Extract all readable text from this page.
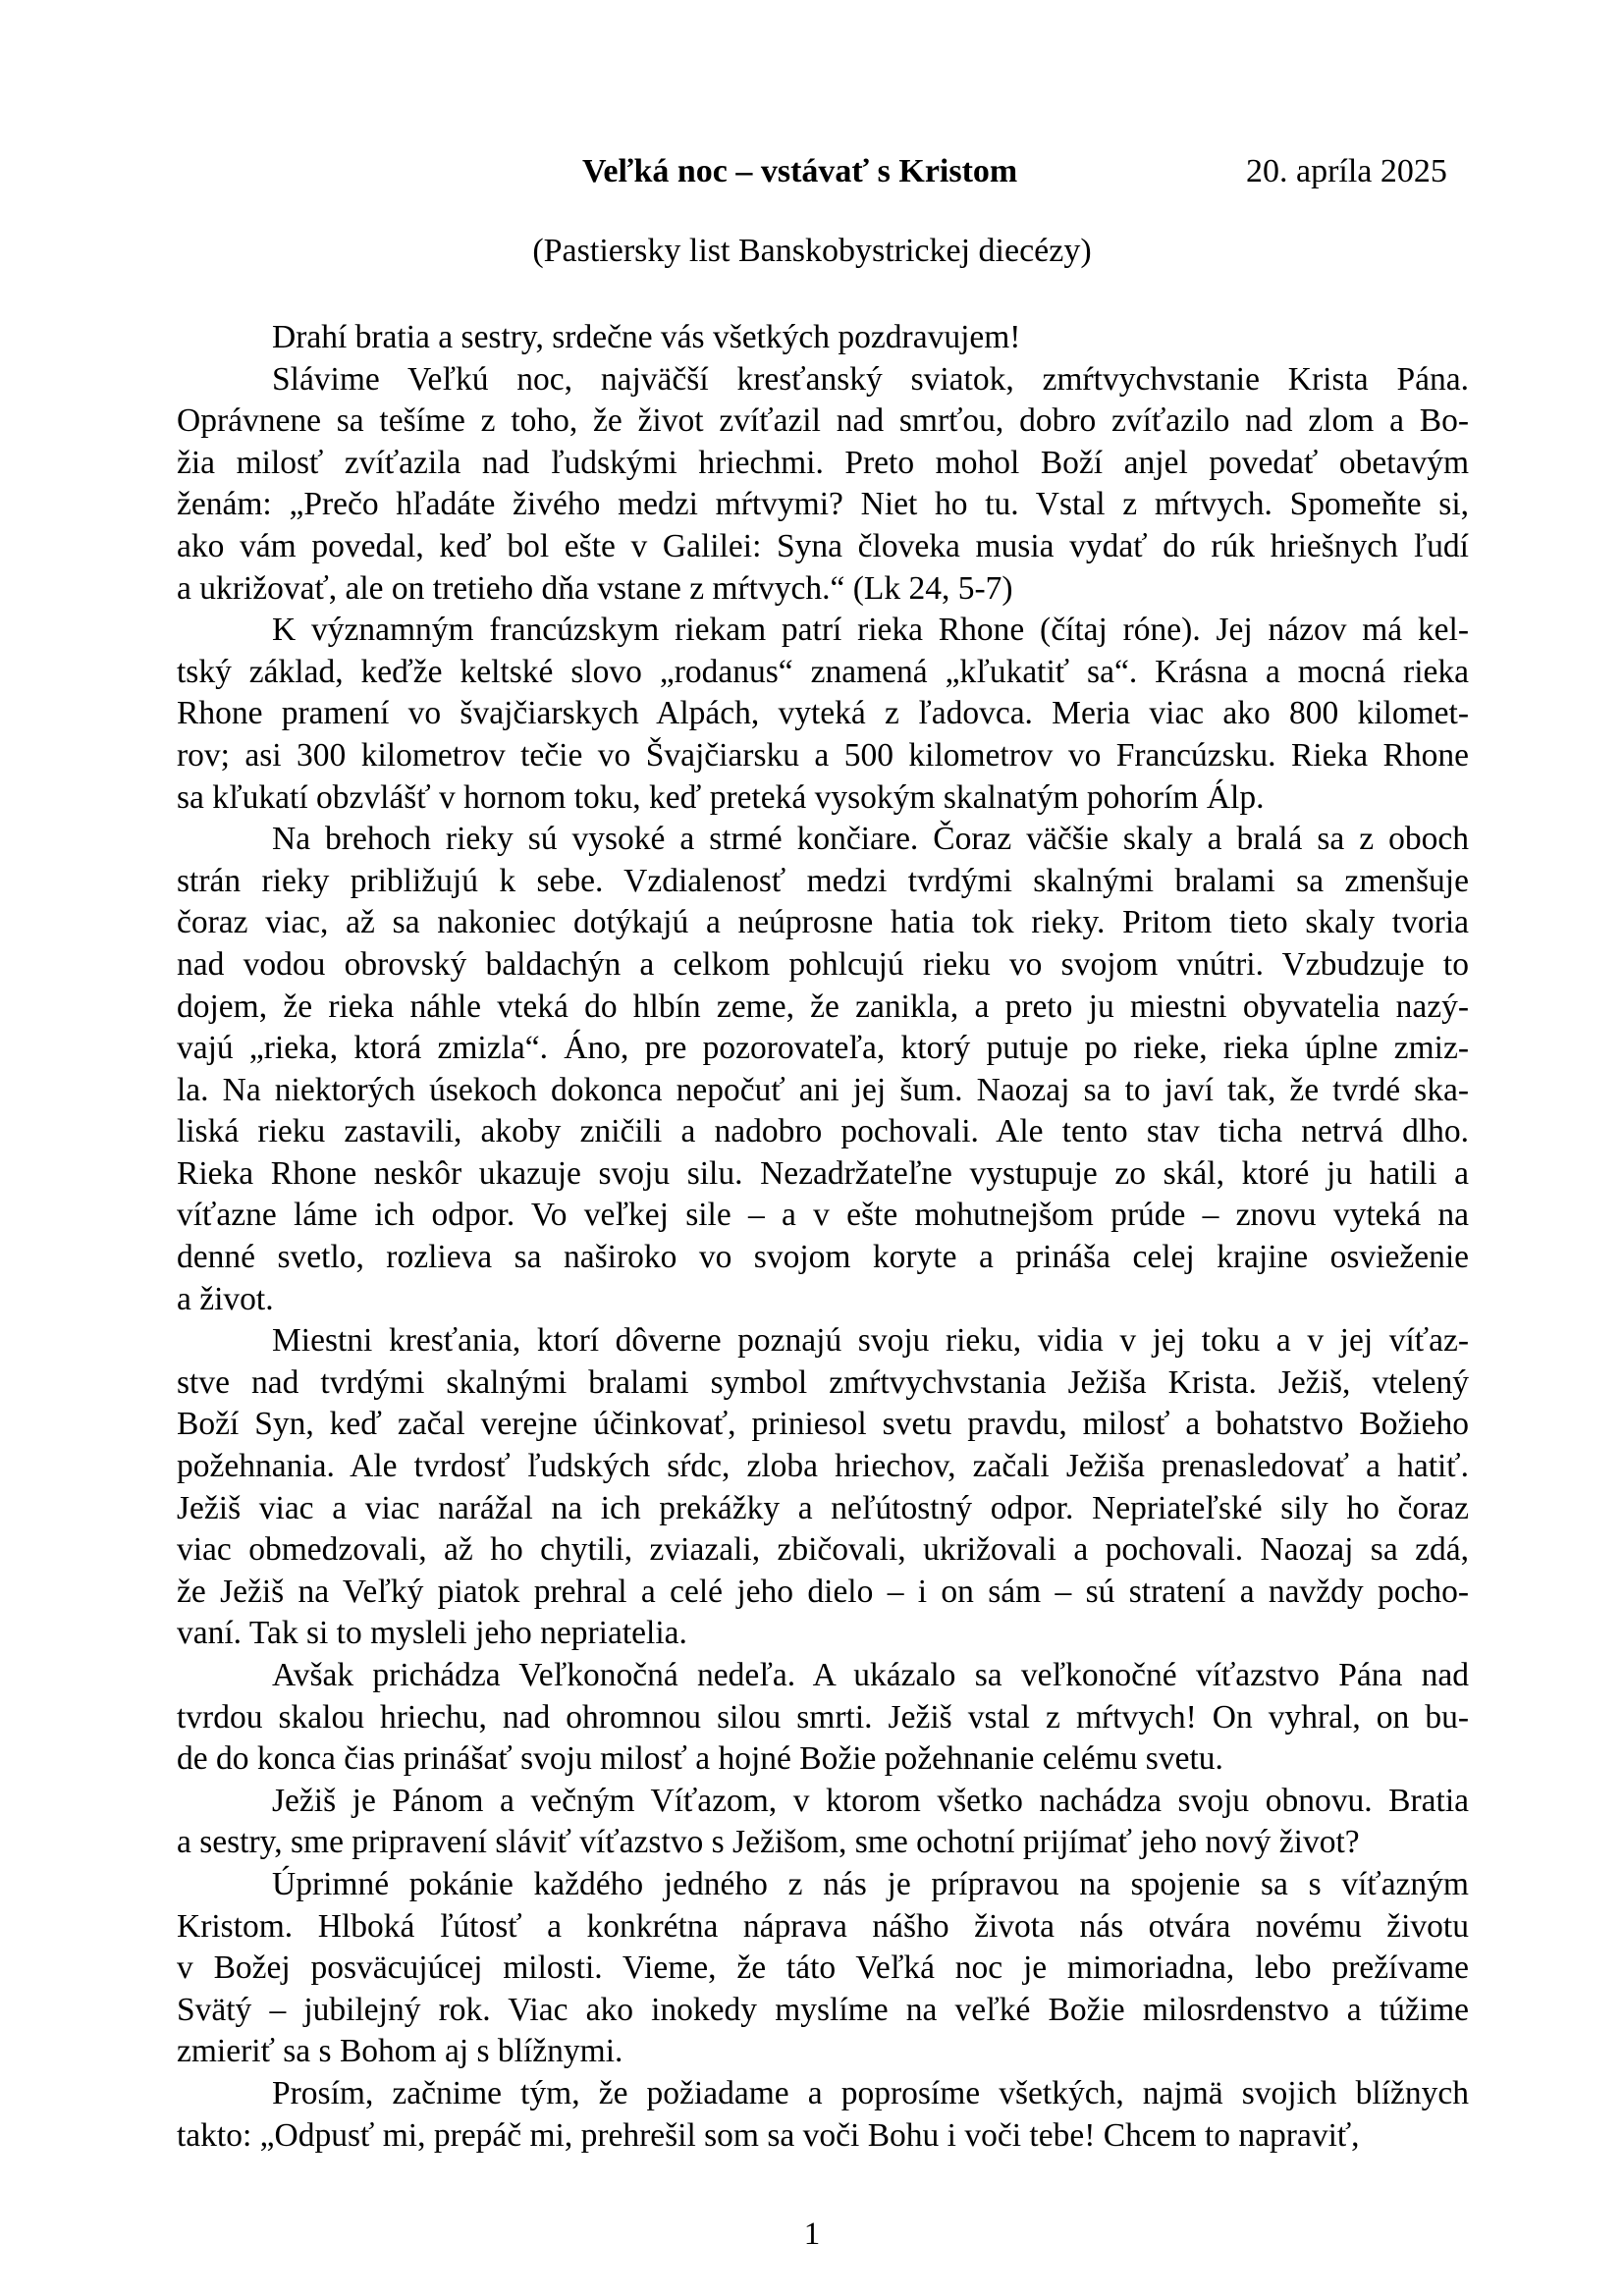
Veľká noc – vstávať s Kristom	20. apríla 2025
(Pastiersky list Banskobystrickej diecézy)
Drahí bratia a sestry, srdečne vás všetkých pozdravujem!
Slávime Veľkú noc, najväčší kresťanský sviatok, zmŕtvychvstanie Krista Pána.
Oprávnene sa tešíme z toho, že život zvíťazil nad smrťou, dobro zvíťazilo nad zlom a Bo-
žia milosť zvíťazila nad ľudskými hriechmi. Preto mohol Boží anjel povedať obetavým
ženám: „Prečo hľadáte živého medzi mŕtvymi? Niet ho tu. Vstal z mŕtvych. Spomeňte si,
ako vám povedal, keď bol ešte v Galilei: Syna človeka musia vydať do rúk hriešnych ľudí
a ukrižovať, ale on tretieho dňa vstane z mŕtvych.“ (Lk 24, 5-7)
K významným francúzskym riekam patrí rieka Rhone (čítaj róne). Jej názov má kel-
tský základ, keďže keltské slovo „rodanus“ znamená „kľukatiť sa“. Krásna a mocná rieka
Rhone pramení vo švajčiarskych Alpách, vyteká z ľadovca. Meria viac ako 800 kilomet-
rov; asi 300 kilometrov tečie vo Švajčiarsku a 500 kilometrov vo Francúzsku. Rieka Rhone
sa kľukatí obzvlášť v hornom toku, keď preteká vysokým skalnatým pohorím Álp.
Na brehoch rieky sú vysoké a strmé končiare. Čoraz väčšie skaly a bralá sa z oboch
strán rieky približujú k sebe. Vzdialenosť medzi tvrdými skalnými bralami sa zmenšuje
čoraz viac, až sa nakoniec dotýkajú a neúprosne hatia tok rieky. Pritom tieto skaly tvoria
nad vodou obrovský baldachýn a celkom pohlcujú rieku vo svojom vnútri. Vzbudzuje to
dojem, že rieka náhle vteká do hlbín zeme, že zanikla, a preto ju miestni obyvatelia nazý-
vajú „rieka, ktorá zmizla“. Áno, pre pozorovateľa, ktorý putuje po rieke, rieka úplne zmiz-
la. Na niektorých úsekoch dokonca nepočuť ani jej šum. Naozaj sa to javí tak, že tvrdé ska-
liská rieku zastavili, akoby zničili a nadobro pochovali. Ale tento stav ticha netrvá dlho.
Rieka Rhone neskôr ukazuje svoju silu. Nezadržateľne vystupuje zo skál, ktoré ju hatili a
víťazne láme ich odpor. Vo veľkej sile – a v ešte mohutnejšom prúde – znovu vyteká na
denné svetlo, rozlieva sa naširoko vo svojom koryte a prináša celej krajine osvieženie
a život.
Miestni kresťania, ktorí dôverne poznajú svoju rieku, vidia v jej toku a v jej víťaz-
stve nad tvrdými skalnými bralami symbol zmŕtvychvstania Ježiša Krista. Ježiš, vtelený
Boží Syn, keď začal verejne účinkovať, priniesol svetu pravdu, milosť a bohatstvo Božieho
požehnania. Ale tvrdosť ľudských sŕdc, zloba hriechov, začali Ježiša prenasledovať a hatiť.
Ježiš viac a viac narážal na ich prekážky a neľútostný odpor. Nepriateľské sily ho čoraz
viac obmedzovali, až ho chytili, zviazali, zbičovali, ukrižovali a pochovali. Naozaj sa zdá,
že Ježiš na Veľký piatok prehral a celé jeho dielo – i on sám – sú stratení a navždy pocho-
vaní. Tak si to mysleli jeho nepriatelia.
Avšak prichádza Veľkonočná nedeľa. A ukázalo sa veľkonočné víťazstvo Pána nad
tvrdou skalou hriechu, nad ohromnou silou smrti. Ježiš vstal z mŕtvych! On vyhral, on bu-
de do konca čias prinášať svoju milosť a hojné Božie požehnanie celému svetu.
Ježiš je Pánom a večným Víťazom, v ktorom všetko nachádza svoju obnovu. Bratia
a sestry, sme pripravení sláviť víťazstvo s Ježišom, sme ochotní prijímať jeho nový život?
Úprimné pokánie každého jedného z nás je prípravou na spojenie sa s víťazným
Kristom. Hlboká ľútosť a konkrétna náprava nášho života nás otvára novému životu
v Božej posväcujúcej milosti. Vieme, že táto Veľká noc je mimoriadna, lebo prežívame
Svätý – jubilejný rok. Viac ako inokedy myslíme na veľké Božie milosrdenstvo a túžime
zmieriť sa s Bohom aj s blížnymi.
Prosím, začnime tým, že požiadame a poprosíme všetkých, najmä svojich blížnych
takto: „Odpusť mi, prepáč mi, prehrešil som sa voči Bohu i voči tebe! Chcem to napraviť,
1
